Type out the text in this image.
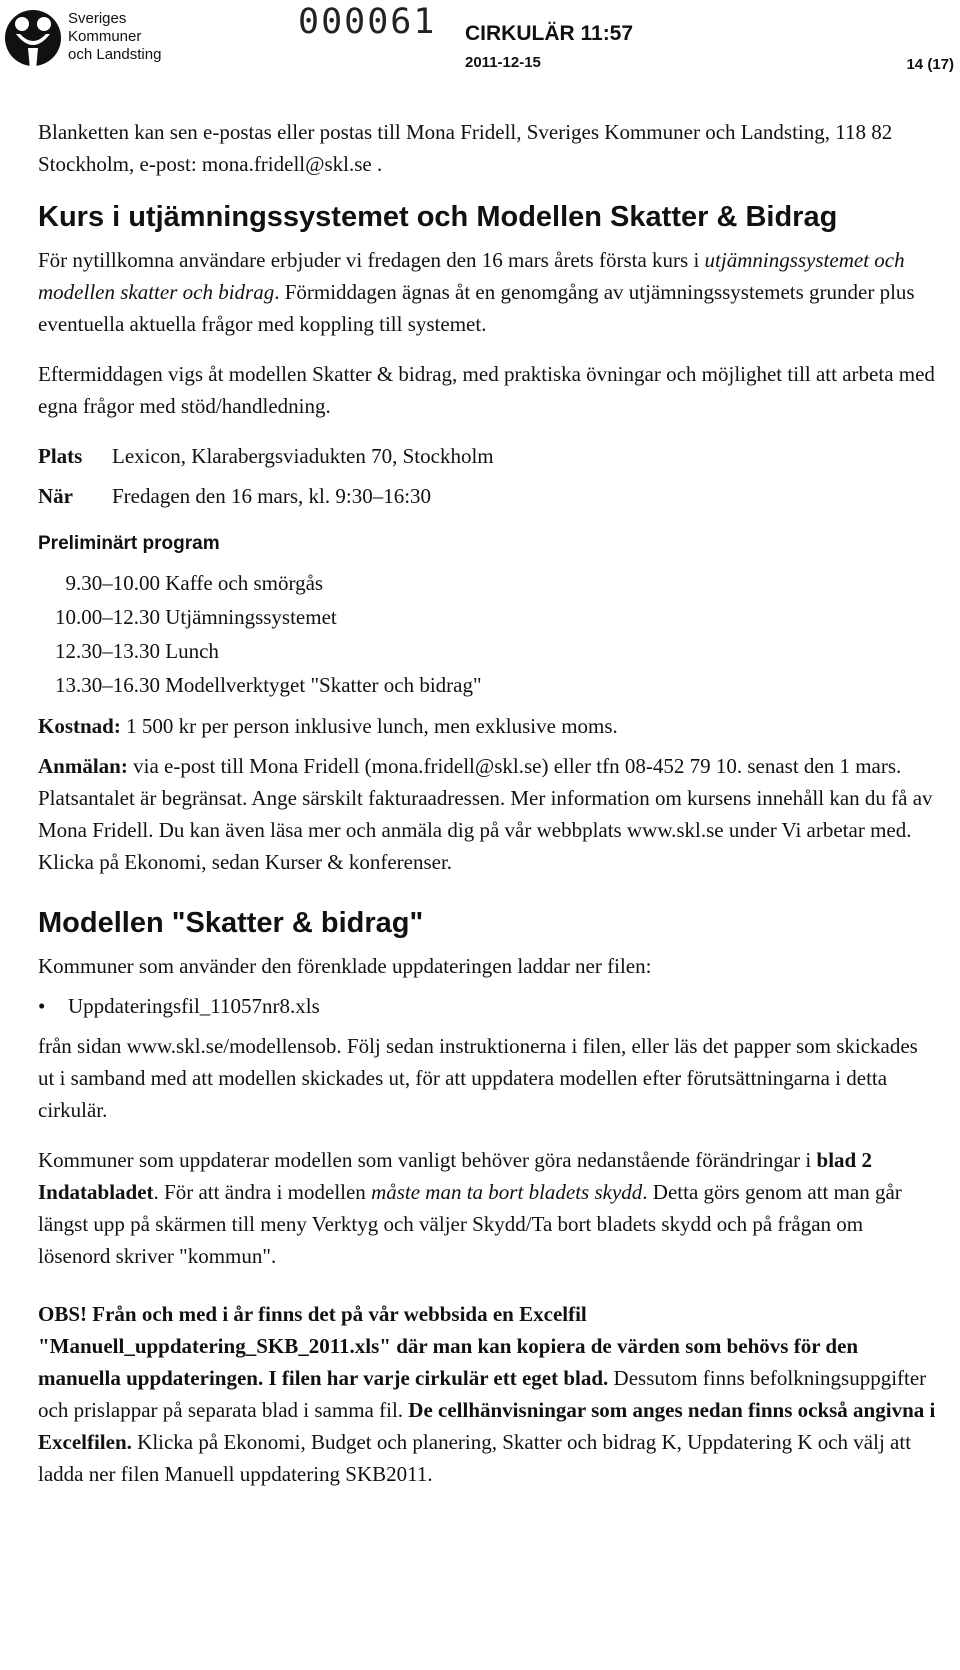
Sveriges
Kommuner
och Landsting
000061 CIRKULÄR 11:57
2011-12-15	14 (17)

Blanketten kan sen e-postas eller postas till Mona Fridell, Sveriges Kommuner och Landsting, 118 82 Stockholm, e-post: mona.fridell@skl.se .

Kurs i utjämningssystemet och Modellen Skatter & Bidrag

För nytillkomna användare erbjuder vi fredagen den 16 mars årets första kurs i utjämningssystemet och modellen skatter och bidrag. Förmiddagen ägnas åt en genomgång av utjämningssystemets grunder plus eventuella aktuella frågor med koppling till systemet.

Eftermiddagen vigs åt modellen Skatter & bidrag, med praktiska övningar och möjlighet till att arbeta med egna frågor med stöd/handledning.

Plats	Lexicon, Klarabergsviadukten 70, Stockholm
När	Fredagen den 16 mars, kl. 9:30–16:30
Preliminärt program
9.30–10.00 Kaffe och smörgås
10.00–12.30 Utjämningssystemet
12.30–13.30 Lunch
13.30–16.30 Modellverktyget "Skatter och bidrag"

Kostnad: 1 500 kr per person inklusive lunch, men exklusive moms.

Anmälan: via e-post till Mona Fridell (mona.fridell@skl.se) eller tfn 08-452 79 10. senast den 1 mars. Platsantalet är begränsat. Ange särskilt fakturaadressen. Mer information om kursens innehåll kan du få av Mona Fridell. Du kan även läsa mer och anmäla dig på vår webbplats www.skl.se under Vi arbetar med. Klicka på Ekonomi, sedan Kurser & konferenser.

Modellen "Skatter & bidrag"

Kommuner som använder den förenklade uppdateringen laddar ner filen:

•	Uppdateringsfil_11057nr8.xls

från sidan www.skl.se/modellensob. Följ sedan instruktionerna i filen, eller läs det papper som skickades ut i samband med att modellen skickades ut, för att uppdatera modellen efter förutsättningarna i detta cirkulär.

Kommuner som uppdaterar modellen som vanligt behöver göra nedanstående förändringar i blad 2 Indatabladet. För att ändra i modellen måste man ta bort bladets skydd. Detta görs genom att man går längst upp på skärmen till meny Verktyg och väljer Skydd/Ta bort bladets skydd och på frågan om lösenord skriver "kommun".

OBS! Från och med i år finns det på vår webbsida en Excelfil "Manuell_uppdatering_SKB_2011.xls" där man kan kopiera de värden som behövs för den manuella uppdateringen. I filen har varje cirkulär ett eget blad. Dessutom finns befolkningsuppgifter och prislappar på separata blad i samma fil. De cellhänvisningar som anges nedan finns också angivna i Excelfilen. Klicka på Ekonomi, Budget och planering, Skatter och bidrag K, Uppdatering K och välj att ladda ner filen Manuell uppdatering SKB2011.
